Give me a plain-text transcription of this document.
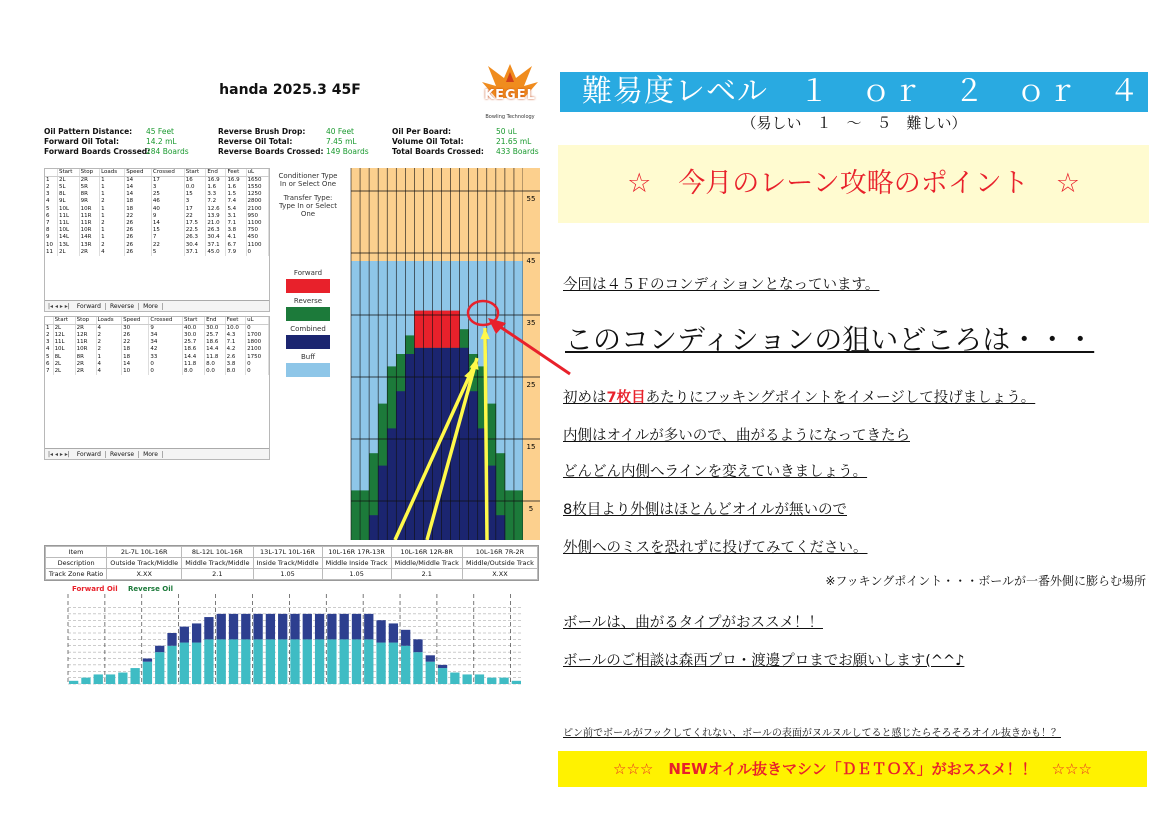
handa 2025.3 45F	KEGEL
Bowling Technology
Oil Pattern Distance:	45 Feet	Reverse Brush Drop:	40 Feet	Oil Per Board:	50 uL
Forward Oil Total:	14.2 mL	Reverse Oil Total:	7.45 mL	Volume Oil Total:	21.65 mL
Forward Boards Crossed:
284 Boards	Reverse Boards Crossed: 149 Boards	Total Boards Crossed:	433 Boards
	Start	Stop	Loads	Speed	Crossed	Start	End	Feet	uL
1	2L	2R	1	14	17	16	16.9	16.9	1650
2	5L	5R	1	14	3	0.0	1.6	1.6	1550
3	8L	8R	1	14	25	15	3.3	1.5	1250
4	9L	9R	2	18	46	3	7.2	7.4	2800
5	10L	10R	1	18	40	17	12.6	5.4	2100
6	11L	11R	1	22	9	22	13.9	3.1	950
7	11L	11R	2	26	14	17.5	21.0	7.1	1100
8	10L	10R	1	26	15	22.5	26.3	3.8	750
9	14L	14R	1	26	7	26.3	30.4	4.1	450
10	13L	13R	2	26	22	30.4	37.1	6.7	1100
11	2L	2R	4	26	5	37.1	45.0	7.9	0
|◂ ◂ ▸ ▸|	Forward	Reverse	More
	Start	Stop	Loads	Speed	Crossed	Start	End	Feet	uL
1	2L	2R	4	30	9	40.0	30.0	10.0	0
2	12L	12R	2	26	34	30.0	25.7	4.3	1700
3	11L	11R	2	22	34	25.7	18.6	7.1	1800
4	10L	10R	2	18	42	18.6	14.4	4.2	2100
5	8L	8R	1	18	33	14.4	11.8	2.6	1750
6	2L	2R	4	14	0	11.8	8.0	3.8	0
7	2L	2R	4	10	0	8.0	0.0	8.0	0
|◂ ◂ ▸ ▸|	Forward	Reverse	More
Conditioner Type In or Select One
Transfer Type: Type In or Select One
Forward
Reverse
Combined
Buff
55
45
35
25
15
5
Item	2L-7L 10L-16R	8L-12L 10L-16R	13L-17L 10L-16R	10L-16R 17R-13R	10L-16R 12R-8R	10L-16R 7R-2R
Description	Outside Track/Middle	Middle Track/Middle	Inside Track/Middle	Middle Inside Track	Middle/Middle Track	Middle/Outside Track
Track Zone Ratio	X.XX	2.1	1.05	1.05	2.1	X.XX
Forward Oil Reverse Oil
難易度レベル　１　ｏｒ　２　ｏｒ　４
（易しい　１　～　５　難しい）
☆　今月のレーン攻略のポイント　☆
今回は４５Ｆのコンディションとなっています。
このコンディションの狙いどころは・・・
初めは7枚目あたりにフッキングポイントをイメージして投げましょう。
内側はオイルが多いので、曲がるようになってきたら
どんどん内側へラインを変えていきましょう。
8枚目より外側はほとんどオイルが無いので
外側へのミスを恐れずに投げてみてください。
※フッキングポイント・・・ボールが一番外側に膨らむ場所
ボールは、曲がるタイプがおススメ！！
ボールのご相談は森西プロ・渡邊プロまでお願いします(^^♪
ピン前でボールがフックしてくれない、ボールの表面がヌルヌルしてると感じたらそろそろオイル抜きかも！？
☆☆☆　NEWオイル抜きマシン「ＤＥＴＯＸ」がおススメ！！　☆☆☆
